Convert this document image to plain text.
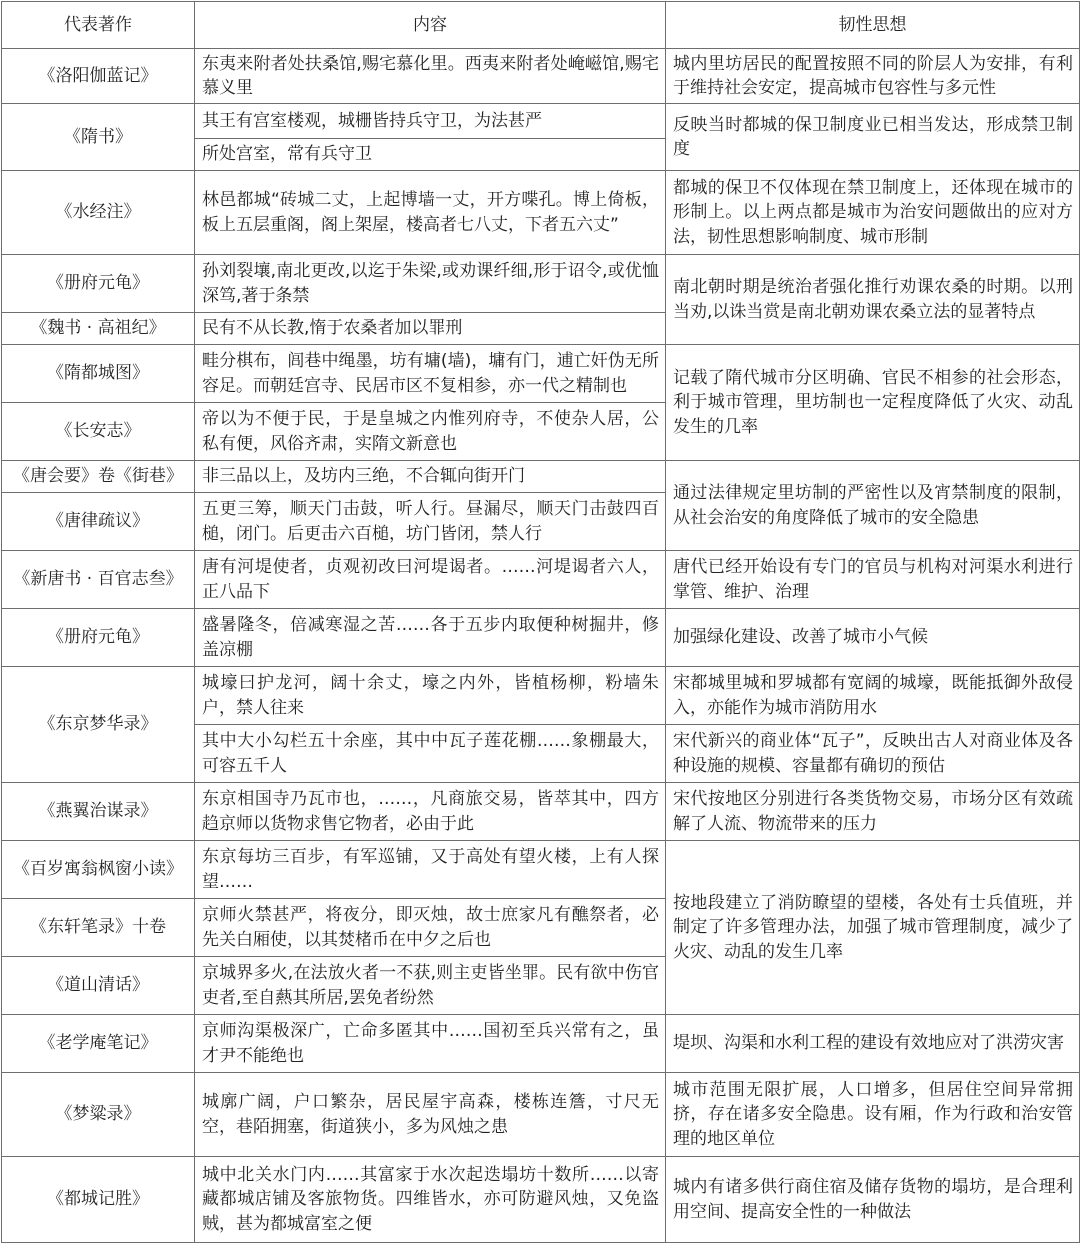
代表著作	内容	韧性思想
《洛阳伽蓝记》	东夷来附者处扶桑馆,赐宅慕化里。西夷来附者处崦嵫馆,赐宅慕义里	城内里坊居民的配置按照不同的阶层人为安排，有利于维持社会安定，提高城市包容性与多元性
《隋书》	其王有宫室楼观，城栅皆持兵守卫，为法甚严	反映当时都城的保卫制度业已相当发达，形成禁卫制度
	所处宫室，常有兵守卫	
《水经注》	林邑都城“砖城二丈，上起博墙一丈，开方喋孔。博上倚板，板上五层重阁，阁上架屋，楼高者七八丈，下者五六丈”	都城的保卫不仅体现在禁卫制度上，还体现在城市的形制上。以上两点都是城市为治安问题做出的应对方法，韧性思想影响制度、城市形制
《册府元龟》	孙刘裂壤,南北更改,以迄于朱梁,或劝课纤细,形于诏令,或优恤深笃,著于条禁	南北朝时期是统治者强化推行劝课农桑的时期。以刑当劝,以诛当赏是南北朝劝课农桑立法的显著特点
《魏书 · 高祖纪》	民有不从长教,惰于农桑者加以罪刑	
《隋都城图》	畦分棋布，闾巷中绳墨，坊有墉(墙)，墉有门，逋亡奸伪无所容足。而朝廷宫寺、民居市区不复相参，亦一代之精制也	记载了隋代城市分区明确、官民不相参的社会形态，利于城市管理，里坊制也一定程度降低了火灾、动乱发生的几率
《长安志》	帝以为不便于民，于是皇城之内惟列府寺，不使杂人居，公私有便，风俗齐肃，实隋文新意也	
《唐会要》卷《街巷》	非三品以上，及坊内三绝，不合辄向街开门	通过法律规定里坊制的严密性以及宵禁制度的限制，从社会治安的角度降低了城市的安全隐患
《唐律疏议》	五更三筹，顺天门击鼓，听人行。昼漏尽，顺天门击鼓四百槌，闭门。后更击六百槌，坊门皆闭，禁人行	
《新唐书 · 百官志叁》	唐有河堤使者，贞观初改曰河堤谒者。……河堤谒者六人，正八品下	唐代已经开始设有专门的官员与机构对河渠水利进行掌管、维护、治理
《册府元龟》	盛暑隆冬，倍减寒湿之苦……各于五步内取便种树掘井，修盖凉棚	加强绿化建设、改善了城市小气候
《东京梦华录》	城壕曰护龙河，阔十余丈，壕之内外，皆植杨柳，粉墙朱户，禁人往来	宋都城里城和罗城都有宽阔的城壕，既能抵御外敌侵入，亦能作为城市消防用水
	其中大小勾栏五十余座，其中中瓦子莲花棚……象棚最大，可容五千人	宋代新兴的商业体“瓦子”，反映出古人对商业体及各种设施的规模、容量都有确切的预估
《燕翼治谋录》	东京相国寺乃瓦市也，……，凡商旅交易，皆萃其中，四方趋京师以货物求售它物者，必由于此	宋代按地区分别进行各类货物交易，市场分区有效疏解了人流、物流带来的压力
《百岁寓翁枫窗小读》	东京每坊三百步，有军巡铺，又于高处有望火楼，上有人探望……	按地段建立了消防瞭望的望楼，各处有士兵值班，并制定了许多管理办法，加强了城市管理制度，减少了火灾、动乱的发生几率
《东轩笔录》十卷	京师火禁甚严，将夜分，即灭烛，故士庶家凡有醮祭者，必先关白厢使，以其焚楮币在中夕之后也	
《道山清话》	京城界多火,在法放火者一不获,则主吏皆坐罪。民有欲中伤官吏者,至自爇其所居,罢免者纷然	
《老学庵笔记》	京师沟渠极深广，亡命多匿其中……国初至兵兴常有之，虽才尹不能绝也	堤坝、沟渠和水利工程的建设有效地应对了洪涝灾害
《梦粱录》	城廓广阔，户口繁杂，居民屋宇高森，楼栋连簷，寸尺无空，巷陌拥塞，街道狭小，多为风烛之患	城市范围无限扩展，人口增多，但居住空间异常拥挤，存在诸多安全隐患。设有厢，作为行政和治安管理的地区单位
《都城记胜》	城中北关水门内……其富家于水次起迭塌坊十数所……以寄藏都城店铺及客旅物货。四维皆水，亦可防避风烛，又免盗贼，甚为都城富室之便	城内有诸多供行商住宿及储存货物的塌坊，是合理利用空间、提高安全性的一种做法
